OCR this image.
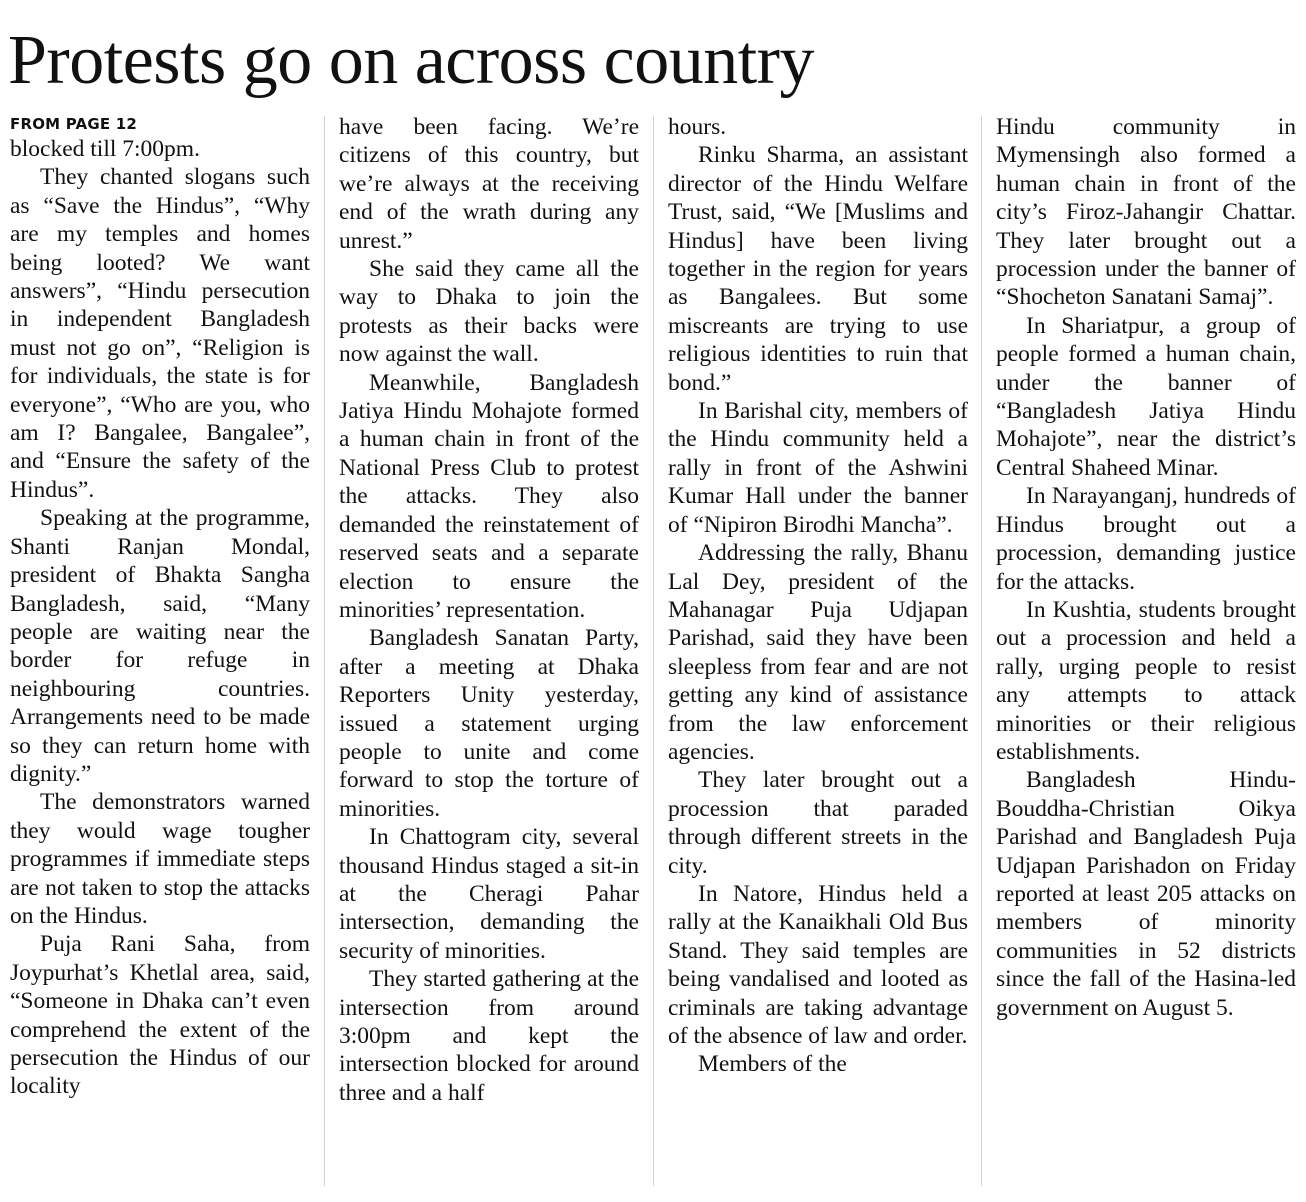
Protests go on across country
FROM PAGE 12

blocked till 7:00pm.

They chanted slogans such as “Save the Hindus”, “Why are my temples and homes being looted? We want answers”, “Hindu persecution in independent Bangladesh must not go on”, “Religion is for individuals, the state is for everyone”, “Who are you, who am I? Bangalee, Bangalee”, and “Ensure the safety of the Hindus”.

Speaking at the programme, Shanti Ranjan Mondal, president of Bhakta Sangha Bangladesh, said, “Many people are waiting near the border for refuge in neighbouring countries. Arrangements need to be made so they can return home with dignity.”

The demonstrators warned they would wage tougher programmes if immediate steps are not taken to stop the attacks on the Hindus.

Puja Rani Saha, from Joypurhat’s Khetlal area, said, “Someone in Dhaka can’t even comprehend the extent of the persecution the Hindus of our locality

have been facing. We’re citizens of this country, but we’re always at the receiving end of the wrath during any unrest.”

She said they came all the way to Dhaka to join the protests as their backs were now against the wall.

Meanwhile, Bangladesh Jatiya Hindu Mohajote formed a human chain in front of the National Press Club to protest the attacks. They also demanded the reinstatement of reserved seats and a separate election to ensure the minorities’ representation.

Bangladesh Sanatan Party, after a meeting at Dhaka Reporters Unity yesterday, issued a statement urging people to unite and come forward to stop the torture of minorities.

In Chattogram city, several thousand Hindus staged a sit-in at the Cheragi Pahar intersection, demanding the security of minorities.

They started gathering at the intersection from around 3:00pm and kept the intersection blocked for around three and a half

hours.

Rinku Sharma, an assistant director of the Hindu Welfare Trust, said, “We [Muslims and Hindus] have been living together in the region for years as Bangalees. But some miscreants are trying to use religious identities to ruin that bond.”

In Barishal city, members of the Hindu community held a rally in front of the Ashwini Kumar Hall under the banner of “Nipiron Birodhi Mancha”.

Addressing the rally, Bhanu Lal Dey, president of the Mahanagar Puja Udjapan Parishad, said they have been sleepless from fear and are not getting any kind of assistance from the law enforcement agencies.

They later brought out a procession that paraded through different streets in the city.

In Natore, Hindus held a rally at the Kanaikhali Old Bus Stand. They said temples are being vandalised and looted as criminals are taking advantage of the absence of law and order.

Members of the

Hindu community in Mymensingh also formed a human chain in front of the city’s Firoz-Jahangir Chattar. They later brought out a procession under the banner of “Shocheton Sanatani Samaj”.

In Shariatpur, a group of people formed a human chain, under the banner of “Bangladesh Jatiya Hindu Mohajote”, near the district’s Central Shaheed Minar.

In Narayanganj, hundreds of Hindus brought out a procession, demanding justice for the attacks.

In Kushtia, students brought out a procession and held a rally, urging people to resist any attempts to attack minorities or their religious establishments.

Bangladesh Hindu-Bouddha-Christian Oikya Parishad and Bangladesh Puja Udjapan Parishadon on Friday reported at least 205 attacks on members of minority communities in 52 districts since the fall of the Hasina-led government on August 5.
